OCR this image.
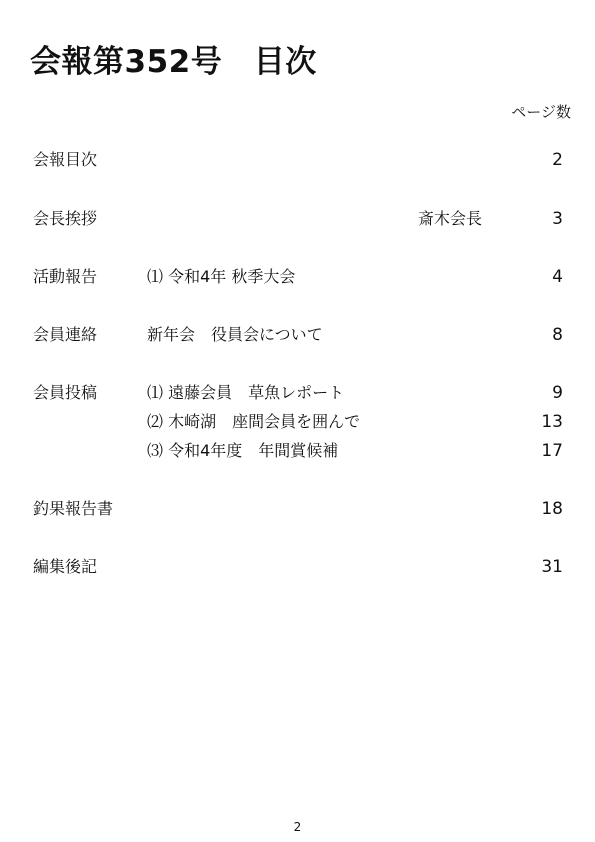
会報第352号　目次
ページ数
会報目次	2
会長挨拶	斎木会長	3
活動報告	⑴ 令和4年 秋季大会	4
会員連絡	新年会　役員会について	8
会員投稿	⑴ 遠藤会員　草魚レポート	9
⑵ 木崎湖　座間会員を囲んで	13
⑶ 令和4年度　年間賞候補	17
釣果報告書	18
編集後記	31
2
